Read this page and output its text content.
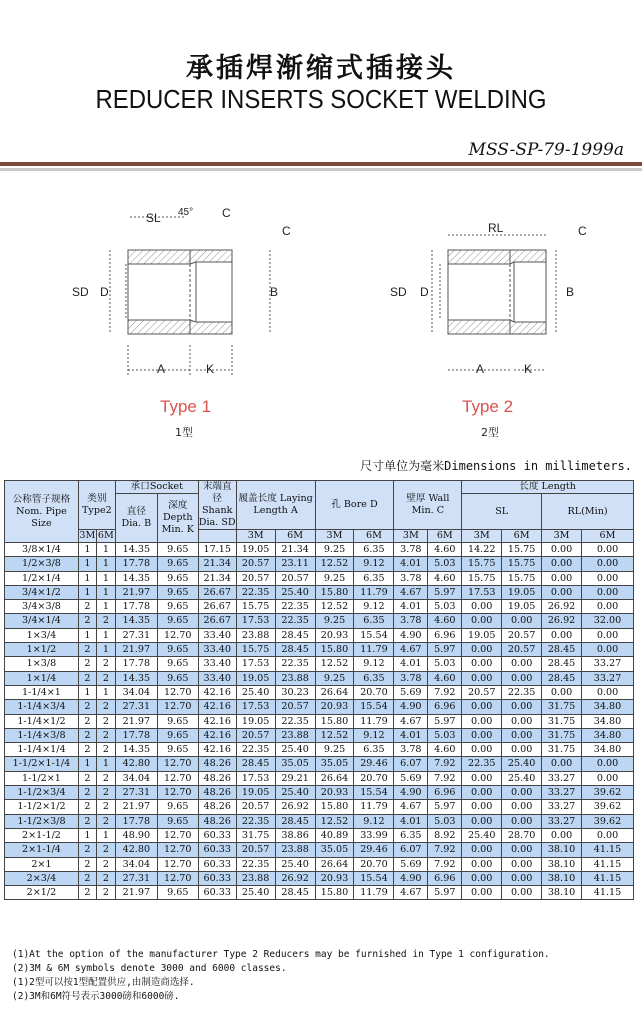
承插焊渐缩式插接头
REDUCER INSERTS SOCKET WELDING
MSS-SP-79-1999a
SL 45° C
C
SD D	B
A	K
Type 1
1型
RL	C
SD D	B
A	K
Type 2
2型
尺寸单位为毫米Dimensions in millimeters.
公称管子规格 Nom. Pipe Size	类别 Type2		承口Socket		末端直径 Shank Dia. SD	履盖长度 Laying Length A		孔 Bore D		壁厚 Wall Min. C		长度 Length			
			直径 Dia. B	深度 Depth Min. K								SL		RL(Min)	
	3M	6M				3M	6M	3M	6M	3M	6M	3M	6M	3M	6M
3/8×1/4	1	1	14.35	9.65	17.15	19.05	21.34	9.25	6.35	3.78	4.60	14.22	15.75	0.00	0.00
1/2×3/8	1	1	17.78	9.65	21.34	20.57	23.11	12.52	9.12	4.01	5.03	15.75	15.75	0.00	0.00
1/2×1/4	1	1	14.35	9.65	21.34	20.57	20.57	9.25	6.35	3.78	4.60	15.75	15.75	0.00	0.00
3/4×1/2	1	1	21.97	9.65	26.67	22.35	25.40	15.80	11.79	4.67	5.97	17.53	19.05	0.00	0.00
3/4×3/8	2	1	17.78	9.65	26.67	15.75	22.35	12.52	9.12	4.01	5.03	0.00	19.05	26.92	0.00
3/4×1/4	2	2	14.35	9.65	26.67	17.53	22.35	9.25	6.35	3.78	4.60	0.00	0.00	26.92	32.00
1×3/4	1	1	27.31	12.70	33.40	23.88	28.45	20.93	15.54	4.90	6.96	19.05	20.57	0.00	0.00
1×1/2	2	1	21.97	9.65	33.40	15.75	28.45	15.80	11.79	4.67	5.97	0.00	20.57	28.45	0.00
1×3/8	2	2	17.78	9.65	33.40	17.53	22.35	12.52	9.12	4.01	5.03	0.00	0.00	28.45	33.27
1×1/4	2	2	14.35	9.65	33.40	19.05	23.88	9.25	6.35	3.78	4.60	0.00	0.00	28.45	33.27
1-1/4×1	1	1	34.04	12.70	42.16	25.40	30.23	26.64	20.70	5.69	7.92	20.57	22.35	0.00	0.00
1-1/4×3/4	2	2	27.31	12.70	42.16	17.53	20.57	20.93	15.54	4.90	6.96	0.00	0.00	31.75	34.80
1-1/4×1/2	2	2	21.97	9.65	42.16	19.05	22.35	15.80	11.79	4.67	5.97	0.00	0.00	31.75	34.80
1-1/4×3/8	2	2	17.78	9.65	42.16	20.57	23.88	12.52	9.12	4.01	5.03	0.00	0.00	31.75	34.80
1-1/4×1/4	2	2	14.35	9.65	42.16	22.35	25.40	9.25	6.35	3.78	4.60	0.00	0.00	31.75	34.80
1-1/2×1-1/4	1	1	42.80	12.70	48.26	28.45	35.05	35.05	29.46	6.07	7.92	22.35	25.40	0.00	0.00
1-1/2×1	2	2	34.04	12.70	48.26	17.53	29.21	26.64	20.70	5.69	7.92	0.00	25.40	33.27	0.00
1-1/2×3/4	2	2	27.31	12.70	48.26	19.05	25.40	20.93	15.54	4.90	6.96	0.00	0.00	33.27	39.62
1-1/2×1/2	2	2	21.97	9.65	48.26	20.57	26.92	15.80	11.79	4.67	5.97	0.00	0.00	33.27	39.62
1-1/2×3/8	2	2	17.78	9.65	48.26	22.35	28.45	12.52	9.12	4.01	5.03	0.00	0.00	33.27	39.62
2×1-1/2	1	1	48.90	12.70	60.33	31.75	38.86	40.89	33.99	6.35	8.92	25.40	28.70	0.00	0.00
2×1-1/4	2	2	42.80	12.70	60.33	20.57	23.88	35.05	29.46	6.07	7.92	0.00	0.00	38.10	41.15
2×1	2	2	34.04	12.70	60.33	22.35	25.40	26.64	20.70	5.69	7.92	0.00	0.00	38.10	41.15
2×3/4	2	2	27.31	12.70	60.33	23.88	26.92	20.93	15.54	4.90	6.96	0.00	0.00	38.10	41.15
2×1/2	2	2	21.97	9.65	60.33	25.40	28.45	15.80	11.79	4.67	5.97	0.00	0.00	38.10	41.15
(1)At the option of the manufacturer Type 2 Reducers may be furnished in Type 1 configuration.
(2)3M & 6M symbols denote 3000 and 6000 classes.
(1)2型可以按1型配置供应,由制造商选择.
(2)3M和6M符号表示3000磅和6000磅.
